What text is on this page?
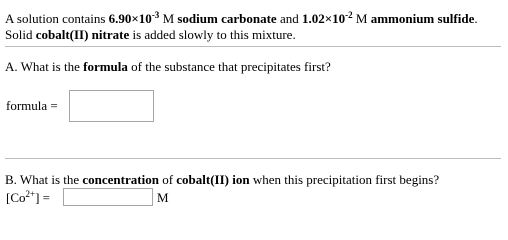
A solution contains $6.90\times 10^{-3}$ M sodium carbonate and $1.02\times 10^{-2}$ M ammonium sulfide.
Solid cobalt(II) nitrate is added slowly to this mixture.
A. What is the formula of the substance that precipitates first?
formula =
B. What is the concentration of cobalt(II) ion when this precipitation first begins?
$[Co^{2+}]$ =	M
